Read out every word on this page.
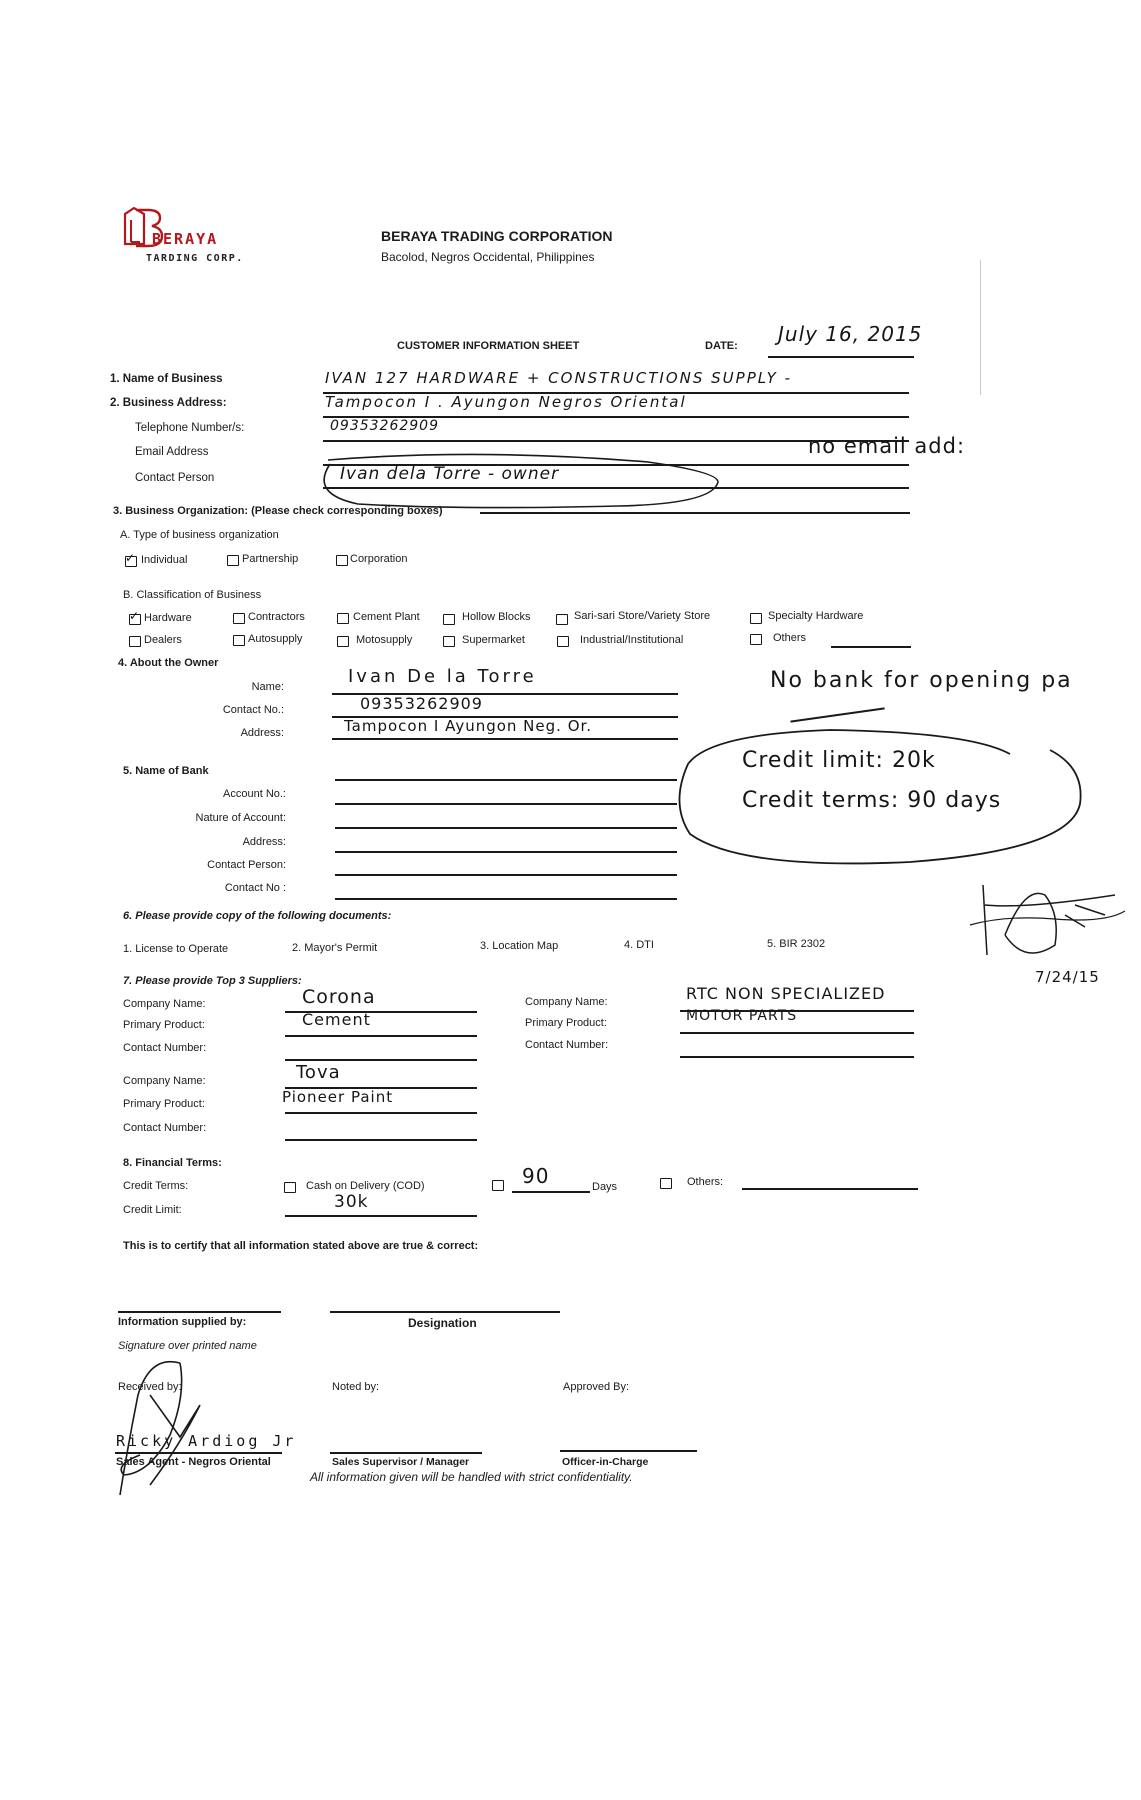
BERAYA
TARDING CORP.
BERAYA TRADING CORPORATION
Bacolod, Negros Occidental, Philippines
CUSTOMER INFORMATION SHEET	DATE: July 16, 2015
1. Name of Business	IVAN 127 HARDWARE + CONSTRUCTIONS SUPPLY -
2. Business Address:	Tampocon I . Ayungon Negros Oriental
Telephone Number/s:	09353262909
Email Address	no email add:
Contact Person	Ivan dela Torre - owner
3. Business Organization: (Please check corresponding boxes)
A. Type of business organization
✓
Individual	Partnership	Corporation
B. Classification of Business
✓
Hardware	Contractors	Cement Plant	Hollow Blocks	Sari-sari Store/Variety Store	Specialty Hardware
Dealers	Autosupply	Motosupply	Supermarket	Industrial/Institutional	Others
4. About the Owner
Name:	Ivan De la Torre
Contact No.:	09353262909
Address:	Tampocon I Ayungon Neg. Or.
No bank for opening pa
Credit limit: 20k
Credit terms: 90 days
5. Name of Bank
Account No.:
Nature of Account:
Address:
Contact Person:
Contact No :
7/24/15
6. Please provide copy of the following documents:
1. License to Operate	2. Mayor's Permit	3. Location Map	4. DTI	5. BIR 2302
7. Please provide Top 3 Suppliers:
Company Name:	Corona
Primary Product:	Cement
Contact Number:
Company Name:	RTC NON SPECIALIZED
Primary Product:	MOTOR PARTS
Contact Number:
Company Name:	Tova
Primary Product:	Pioneer Paint
Contact Number:
8. Financial Terms:
Credit Terms:	Cash on Delivery (COD)	90	Days	Others:
Credit Limit:	30k
This is to certify that all information stated above are true & correct:
Information supplied by:	Designation
Signature over printed name
Received by:	Noted by:	Approved By:
Ricky Ardiog Jr
Sales Agent - Negros Oriental	Sales Supervisor / Manager	Officer-in-Charge
All information given will be handled with strict confidentiality.
